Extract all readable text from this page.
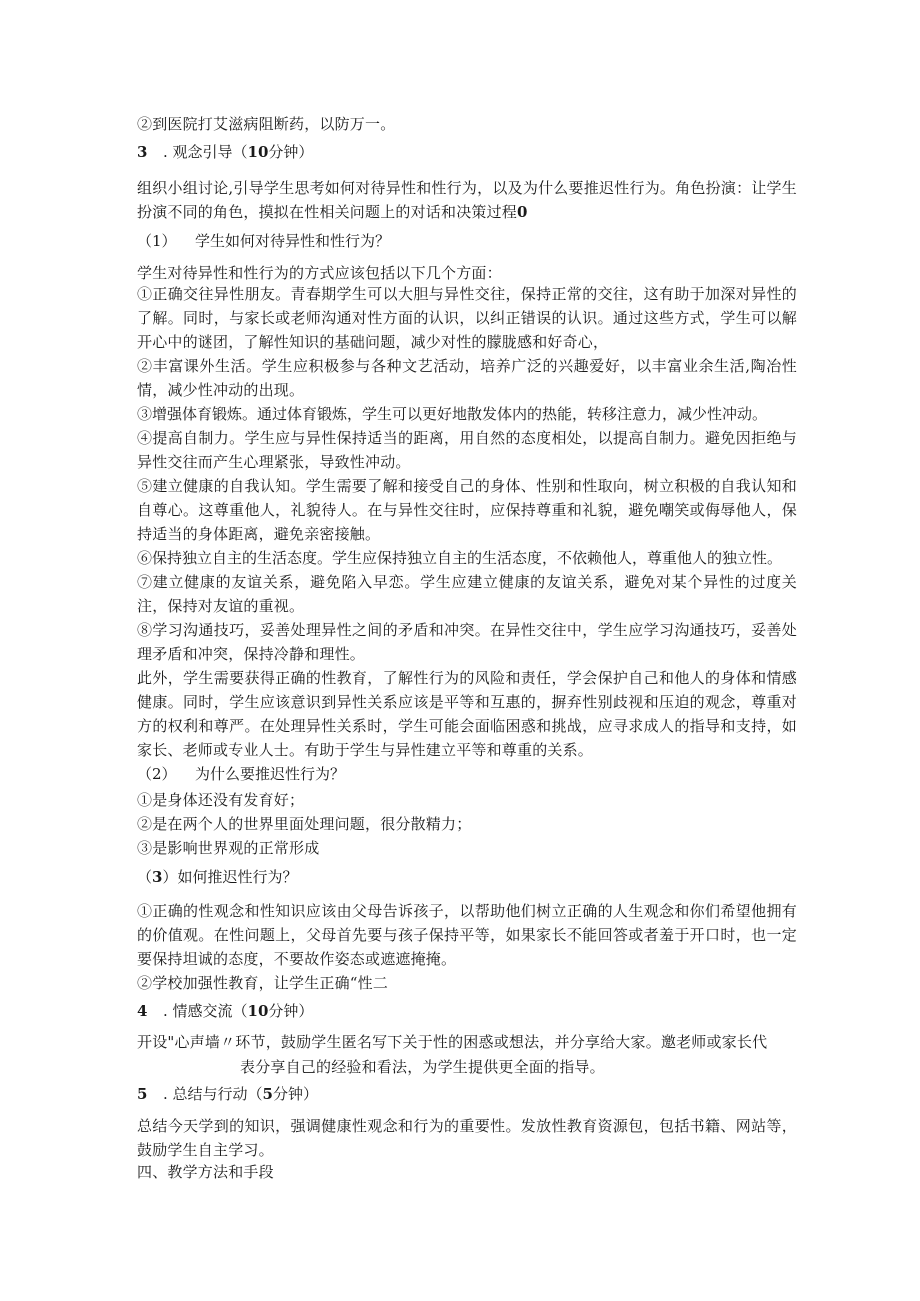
②到医院打艾滋病阻断药，以防万一。

3 . 观念引导（10分钟）

组织小组讨论,引导学生思考如何对待异性和性行为，以及为什么要推迟性行为。角色扮演：让学生扮演不同的角色，摸拟在性相关问题上的对话和决策过程0

（1） 学生如何对待异性和性行为？

学生对待异性和性行为的方式应该包括以下几个方面：

①正确交往异性朋友。青春期学生可以大胆与异性交往，保持正常的交往，这有助于加深对异性的了解。同时，与家长或老师沟通对性方面的认识，以纠正错误的认识。通过这些方式，学生可以解开心中的谜团，了解性知识的基础问题，减少对性的朦胧感和好奇心，

②丰富课外生活。学生应积极参与各种文艺活动，培养广泛的兴趣爱好，以丰富业余生活,陶冶性情，减少性冲动的出现。

③增强体育锻炼。通过体育锻炼，学生可以更好地散发体内的热能，转移注意力，减少性冲动。

④提高自制力。学生应与异性保持适当的距离，用自然的态度相处，以提高自制力。避免因拒绝与异性交往而产生心理紧张，导致性冲动。

⑤建立健康的自我认知。学生需要了解和接受自己的身体、性别和性取向，树立积极的自我认知和自尊心。这尊重他人，礼貌待人。在与异性交往时，应保持尊重和礼貌，避免嘲笑或侮辱他人，保持适当的身体距离，避免亲密接触。

⑥保持独立自主的生活态度。学生应保持独立自主的生活态度，不依赖他人，尊重他人的独立性。

⑦建立健康的友谊关系，避免陷入早恋。学生应建立健康的友谊关系，避免对某个异性的过度关注，保持对友谊的重视。

⑧学习沟通技巧，妥善处理异性之间的矛盾和冲突。在异性交往中，学生应学习沟通技巧，妥善处理矛盾和冲突，保持冷静和理性。

此外，学生需要获得正确的性教育，了解性行为的风险和责任，学会保护自己和他人的身体和情感健康。同时，学生应该意识到异性关系应该是平等和互惠的，摒弃性别歧视和压迫的观念，尊重对方的权利和尊严。在处理异性关系时，学生可能会面临困惑和挑战，应寻求成人的指导和支持，如家长、老师或专业人士。有助于学生与异性建立平等和尊重的关系。

（2） 为什么要推迟性行为？

①是身体还没有发育好；

②是在两个人的世界里面处理问题，很分散精力；

③是影响世界观的正常形成

（3）如何推迟性行为？

①正确的性观念和性知识应该由父母告诉孩子，以帮助他们树立正确的人生观念和你们希望他拥有的价值观。在性问题上，父母首先要与孩子保持平等，如果家长不能回答或者羞于开口时，也一定要保持坦诚的态度，不要故作姿态或遮遮掩掩。

②学校加强性教育，让学生正确“性二

4 . 情感交流（10分钟）

开设"心声墙〃环节，鼓励学生匿名写下关于性的困惑或想法，并分享给大家。邀老师或家长代

表分享自己的经验和看法，为学生提供更全面的指导。

5 . 总结与行动（5分钟）

总结今天学到的知识，强调健康性观念和行为的重要性。发放性教育资源包，包括书籍、网站等，鼓励学生自主学习。

四、教学方法和手段
